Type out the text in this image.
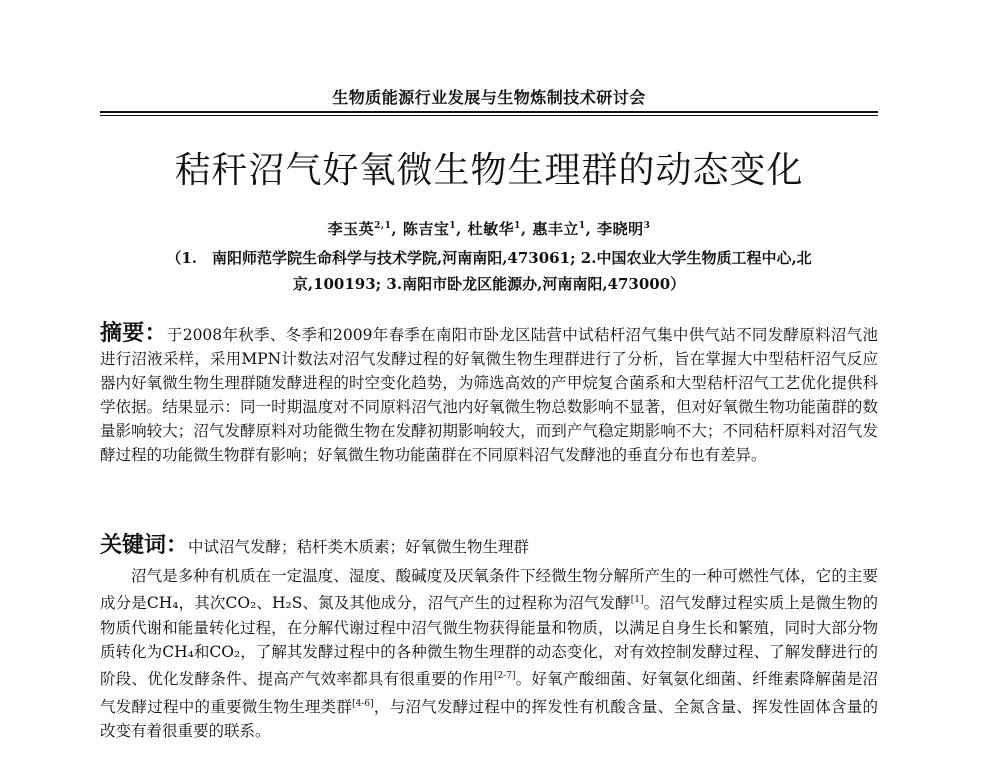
生物质能源行业发展与生物炼制技术研讨会
秸秆沼气好氧微生物生理群的动态变化
李玉英$^{2,1}$, 陈吉宝$^1$, 杜敏华$^1$, 惠丰立$^1$, 李晓明$^3$
（1.　南阳师范学院生命科学与技术学院,河南南阳,473061; 2.中国农业大学生物质工程中心,北
京,100193; 3.南阳市卧龙区能源办,河南南阳,473000）
摘要：于2008年秋季、冬季和2009年春季在南阳市卧龙区陆营中试秸杆沼气集中供气站不同发酵原料沼气池进行沼液采样，采用MPN计数法对沼气发酵过程的好氧微生物生理群进行了分析，旨在掌握大中型秸杆沼气反应器内好氧微生物生理群随发酵进程的时空变化趋势，为筛选高效的产甲烷复合菌系和大型秸杆沼气工艺优化提供科学依据。结果显示：同一时期温度对不同原料沼气池内好氧微生物总数影响不显著，但对好氧微生物功能菌群的数量影响较大；沼气发酵原料对功能微生物在发酵初期影响较大，而到产气稳定期影响不大；不同秸杆原料对沼气发酵过程的功能微生物群有影响；好氧微生物功能菌群在不同原料沼气发酵池的垂直分布也有差异。
关键词：中试沼气发酵；秸杆类木质素；好氧微生物生理群
沼气是多种有机质在一定温度、湿度、酸碱度及厌氧条件下经微生物分解所产生的一种可燃性气体，它的主要成分是CH₄，其次CO₂、H₂S、氮及其他成分，沼气产生的过程称为沼气发酵[1]。沼气发酵过程实质上是微生物的物质代谢和能量转化过程，在分解代谢过程中沼气微生物获得能量和物质，以满足自身生长和繁殖，同时大部分物质转化为CH₄和CO₂，了解其发酵过程中的各种微生物生理群的动态变化，对有效控制发酵过程、了解发酵进行的阶段、优化发酵条件、提高产气效率都具有很重要的作用[2-7]。好氧产酸细菌、好氧氨化细菌、纤维素降解菌是沼气发酵过程中的重要微生物生理类群[4-6]，与沼气发酵过程中的挥发性有机酸含量、全氮含量、挥发性固体含量的改变有着很重要的联系。
